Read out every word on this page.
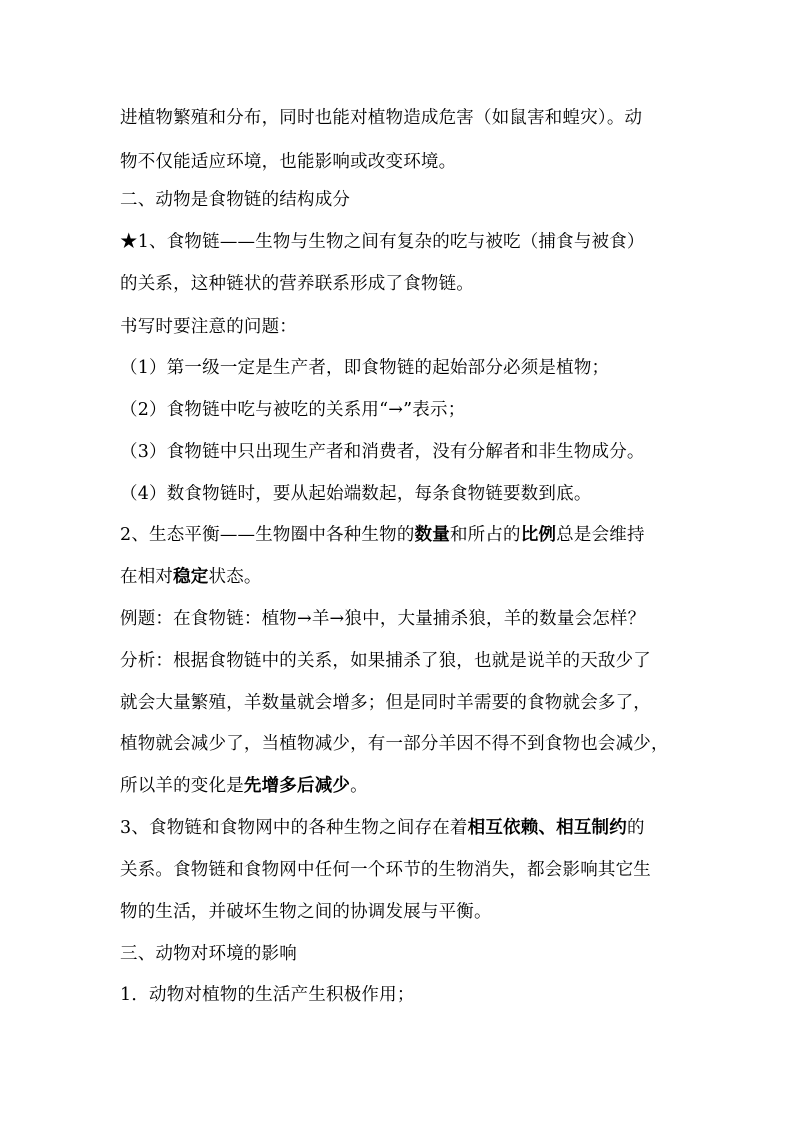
进植物繁殖和分布，同时也能对植物造成危害（如鼠害和蝗灾）。动
物不仅能适应环境，也能影响或改变环境。
二、动物是食物链的结构成分
★1、食物链——生物与生物之间有复杂的吃与被吃（捕食与被食）
的关系，这种链状的营养联系形成了食物链。
书写时要注意的问题：
（1）第一级一定是生产者，即食物链的起始部分必须是植物；
（2）食物链中吃与被吃的关系用“→”表示；
（3）食物链中只出现生产者和消费者，没有分解者和非生物成分。
（4）数食物链时，要从起始端数起，每条食物链要数到底。
2、生态平衡——生物圈中各种生物的数量和所占的比例总是会维持
在相对稳定状态。
例题：在食物链：植物→羊→狼中，大量捕杀狼，羊的数量会怎样？
分析：根据食物链中的关系，如果捕杀了狼，也就是说羊的天敌少了
就会大量繁殖，羊数量就会增多；但是同时羊需要的食物就会多了，
植物就会减少了，当植物减少，有一部分羊因不得不到食物也会减少，
所以羊的变化是先增多后减少。
3、食物链和食物网中的各种生物之间存在着相互依赖、相互制约的
关系。食物链和食物网中任何一个环节的生物消失，都会影响其它生
物的生活，并破坏生物之间的协调发展与平衡。
三、动物对环境的影响
1．动物对植物的生活产生积极作用；
